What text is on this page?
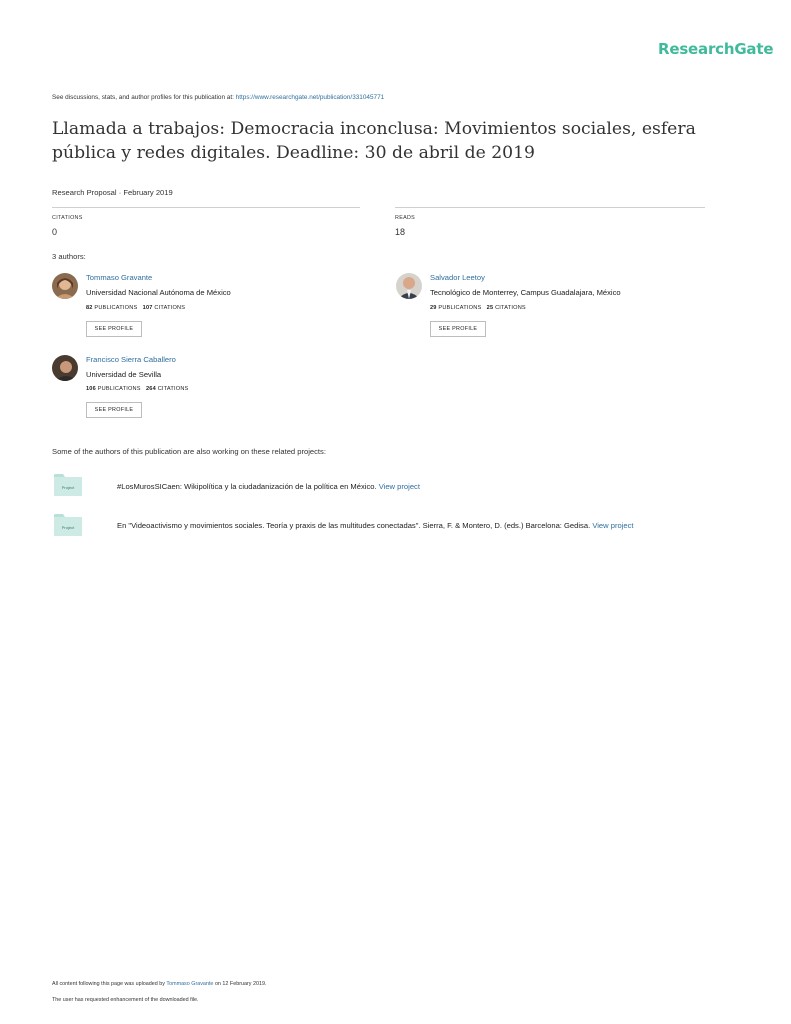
ResearchGate
See discussions, stats, and author profiles for this publication at: https://www.researchgate.net/publication/331045771
Llamada a trabajos: Democracia inconclusa: Movimientos sociales, esfera pública y redes digitales. Deadline: 30 de abril de 2019
Research Proposal · February 2019
CITATIONS
0
READS
18
3 authors:
Tommaso Gravante
Universidad Nacional Autónoma de México
82 PUBLICATIONS 107 CITATIONS
SEE PROFILE
Salvador Leetoy
Tecnológico de Monterrey, Campus Guadalajara, México
29 PUBLICATIONS 25 CITATIONS
SEE PROFILE
Francisco Sierra Caballero
Universidad de Sevilla
106 PUBLICATIONS 264 CITATIONS
SEE PROFILE
Some of the authors of this publication are also working on these related projects:
Project	#LosMurosSICaen: Wikipolítica y la ciudadanización de la política en México. View project
Project	En "Videoactivismo y movimientos sociales. Teoría y praxis de las multitudes conectadas". Sierra, F. & Montero, D. (eds.) Barcelona: Gedisa. View project
All content following this page was uploaded by Tommaso Gravante on 12 February 2019.
The user has requested enhancement of the downloaded file.
